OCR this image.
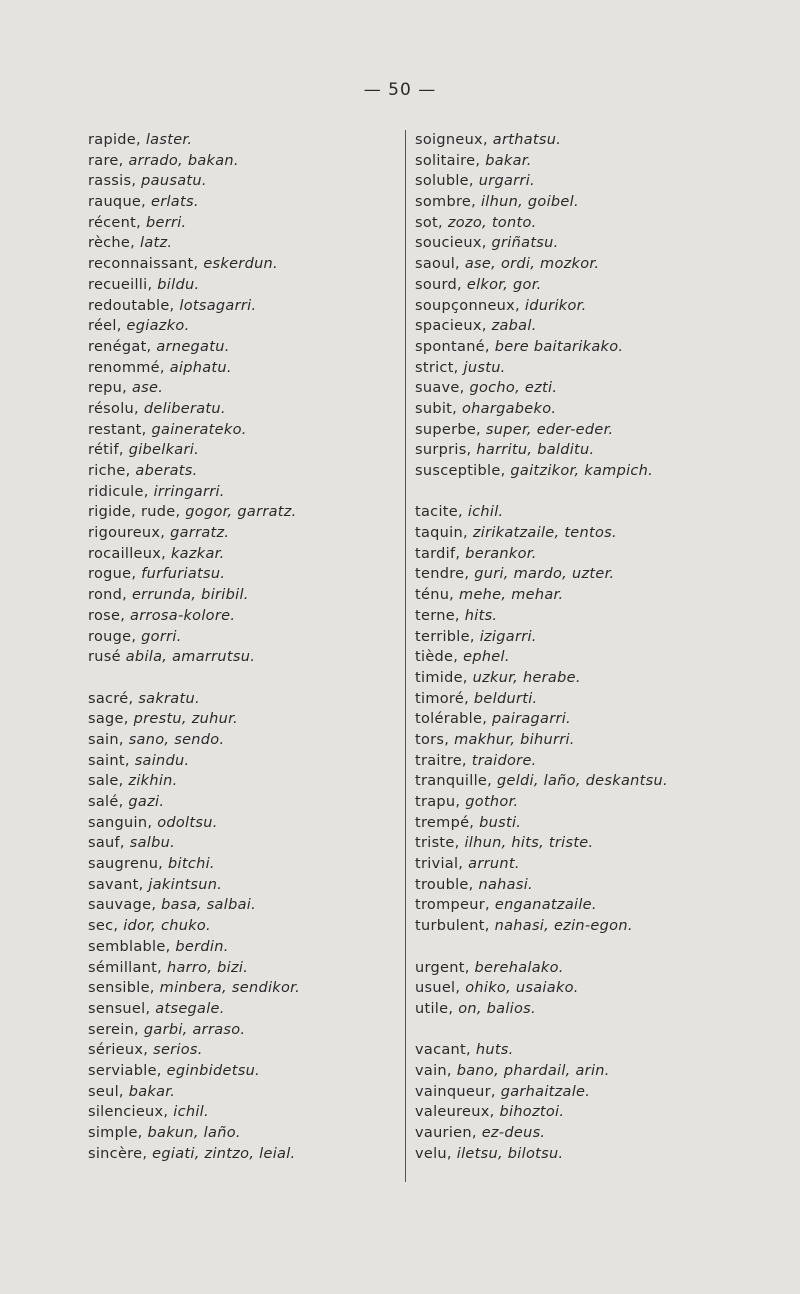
— 50 —
rapide, laster.
rare, arrado, bakan.
rassis, pausatu.
rauque, erlats.
récent, berri.
rèche, latz.
reconnaissant, eskerdun.
recueilli, bildu.
redoutable, lotsagarri.
réel, egiazko.
renégat, arnegatu.
renommé, aiphatu.
repu, ase.
résolu, deliberatu.
restant, gainerateko.
rétif, gibelkari.
riche, aberats.
ridicule, irringarri.
rigide, rude, gogor, garratz.
rigoureux, garratz.
rocailleux, kazkar.
rogue, furfuriatsu.
rond, errunda, biribil.
rose, arrosa-kolore.
rouge, gorri.
rusé abila, amarrutsu.
sacré, sakratu.
sage, prestu, zuhur.
sain, sano, sendo.
saint, saindu.
sale, zikhin.
salé, gazi.
sanguin, odoltsu.
sauf, salbu.
saugrenu, bitchi.
savant, jakintsun.
sauvage, basa, salbai.
sec, idor, chuko.
semblable, berdin.
sémillant, harro, bizi.
sensible, minbera, sendikor.
sensuel, atsegale.
serein, garbi, arraso.
sérieux, serios.
serviable, eginbidetsu.
seul, bakar.
silencieux, ichil.
simple, bakun, laño.
sincère, egiati, zintzo, leial.
soigneux, arthatsu.
solitaire, bakar.
soluble, urgarri.
sombre, ilhun, goibel.
sot, zozo, tonto.
soucieux, griñatsu.
saoul, ase, ordi, mozkor.
sourd, elkor, gor.
soupçonneux, idurikor.
spacieux, zabal.
spontané, bere baitarikako.
strict, justu.
suave, gocho, ezti.
subit, ohargabeko.
superbe, super, eder-eder.
surpris, harritu, balditu.
susceptible, gaitzikor, kampich.
tacite, ichil.
taquin, zirikatzaile, tentos.
tardif, berankor.
tendre, guri, mardo, uzter.
ténu, mehe, mehar.
terne, hits.
terrible, izigarri.
tiède, ephel.
timide, uzkur, herabe.
timoré, beldurti.
tolérable, pairagarri.
tors, makhur, bihurri.
traitre, traidore.
tranquille, geldi, laño, deskantsu.
trapu, gothor.
trempé, busti.
triste, ilhun, hits, triste.
trivial, arrunt.
trouble, nahasi.
trompeur, enganatzaile.
turbulent, nahasi, ezin-egon.
urgent, berehalako.
usuel, ohiko, usaiako.
utile, on, balios.
vacant, huts.
vain, bano, phardail, arin.
vainqueur, garhaitzale.
valeureux, bihoztoi.
vaurien, ez-deus.
velu, iletsu, bilotsu.
